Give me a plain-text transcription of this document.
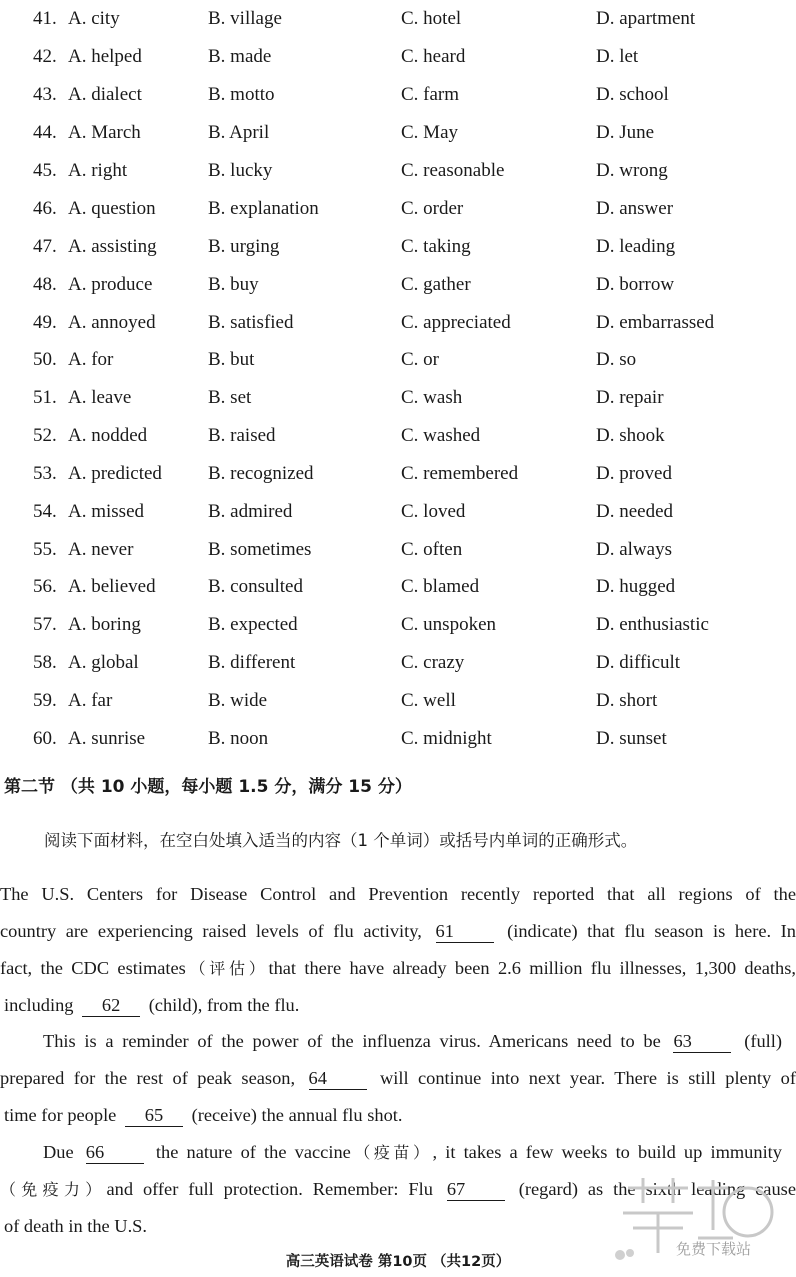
41. A. city	B. village	C. hotel	D. apartment
42. A. helped	B. made	C. heard	D. let
43. A. dialect	B. motto	C. farm	D. school
44. A. March	B. April	C. May	D. June
45. A. right	B. lucky	C. reasonable	D. wrong
46. A. question	B. explanation	C. order	D. answer
47. A. assisting	B. urging	C. taking	D. leading
48. A. produce	B. buy	C. gather	D. borrow
49. A. annoyed	B. satisfied	C. appreciated	D. embarrassed
50. A. for	B. but	C. or	D. so
51. A. leave	B. set	C. wash	D. repair
52. A. nodded	B. raised	C. washed	D. shook
53. A. predicted B. recognized	C. remembered	D. proved
54. A. missed	B. admired	C. loved	D. needed
55. A. never	B. sometimes	C. often	D. always
56. A. believed	B. consulted	C. blamed	D. hugged
57. A. boring	B. expected	C. unspoken	D. enthusiastic
58. A. global	B. different	C. crazy	D. difficult
59. A. far	B. wide	C. well	D. short
60. A. sunrise	B. noon	C. midnight	D. sunset
第二节 （共 10 小题，每小题 1.5 分，满分 15 分）
阅读下面材料，在空白处填入适当的内容（1 个单词）或括号内单词的正确形式。
The U.S. Centers for Disease Control and Prevention recently reported that all regions of the
country are experiencing raised levels of flu activity, 61	(indicate) that flu season is here. In
fact, the CDC estimates（评估）that there have already been 2.6 million flu illnesses, 1,300 deaths,
including 62 (child), from the flu.
This is a reminder of the power of the influenza virus. Americans need to be 63	(full)
prepared for the rest of peak season, 64	will continue into next year. There is still plenty of
time for people 65 (receive) the annual flu shot.
Due 66	the nature of the vaccine（疫苗）, it takes a few weeks to build up immunity
（免疫力）and offer full protection. Remember: Flu 67	(regard) as the sixth leading cause
of death in the U.S.
高三英语试卷 第10页 （共12页）
免费下载站
